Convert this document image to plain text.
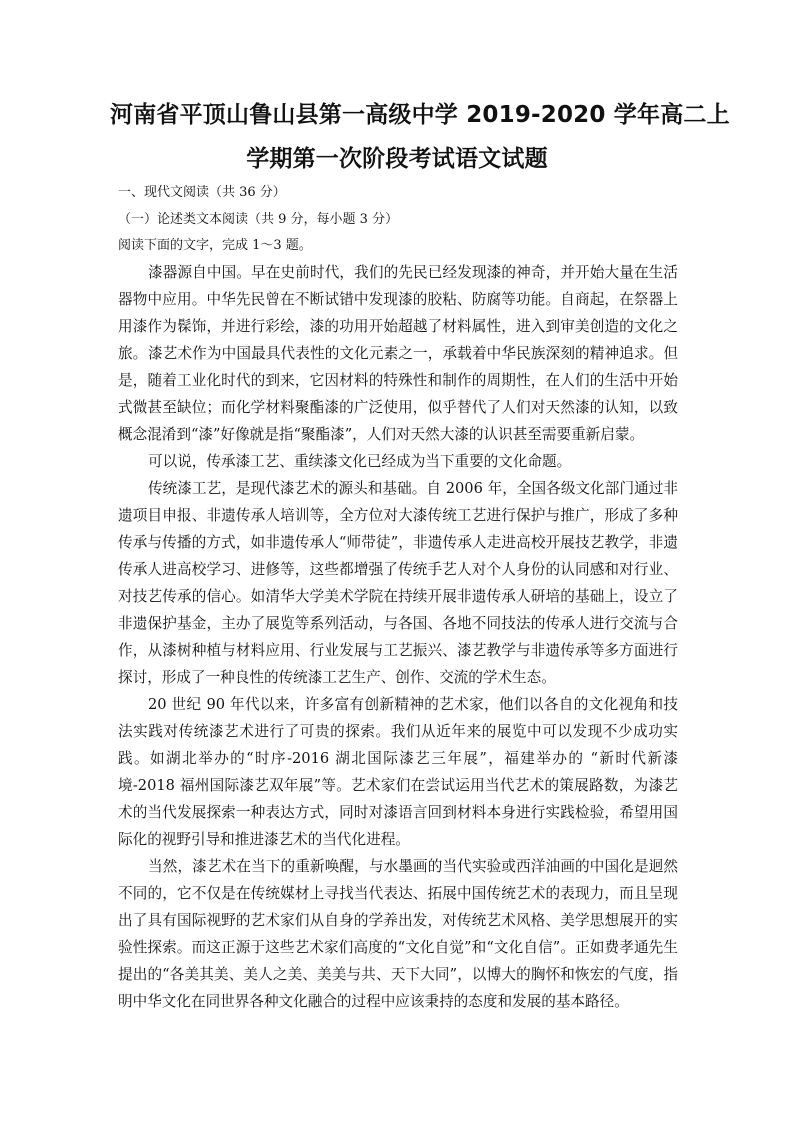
河南省平顶山鲁山县第一高级中学 2019-2020 学年高二上
学期第一次阶段考试语文试题
一、现代文阅读（共 36 分）
（一）论述类文本阅读（共 9 分，每小题 3 分）
阅读下面的文字，完成 1～3 题。

漆器源自中国。早在史前时代，我们的先民已经发现漆的神奇，并开始大量在生活器物中应用。中华先民曾在不断试错中发现漆的胶粘、防腐等功能。自商起，在祭器上用漆作为髹饰，并进行彩绘，漆的功用开始超越了材料属性，进入到审美创造的文化之旅。 漆艺术作为中国最具代表性的文化元素之一，承载着中华民族深刻的精神追求。但是，随着工业化时代的到来，它因材料的特殊性和制作的周期性，在人们的生活中开始式微甚至缺位；而化学材料聚酯漆的广泛使用，似乎替代了人们对天然漆的认知，以致概念混淆到“漆”好像就是指“聚酯漆”，人们对天然大漆的认识甚至需要重新启蒙。

可以说，传承漆工艺、重续漆文化已经成为当下重要的文化命题。

传统漆工艺，是现代漆艺术的源头和基础。自 2006 年，全国各级文化部门通过非遗项目申报、非遗传承人培训等，全方位对大漆传统工艺进行保护与推广，形成了多种传承与传播的方式，如非遗传承人“师带徒”，非遗传承人走进高校开展技艺教学，非遗传承人进高校学习、进修等，这些都增强了传统手艺人对个人身份的认同感和对行业、对技艺传承的信心。如清华大学美术学院在持续开展非遗传承人研培的基础上，设立了非遗保护基金，主办了展览等系列活动，与各国、各地不同技法的传承人进行交流与合作，从漆树种植与材料应用、行业发展与工艺振兴、漆艺教学与非遗传承等多方面进行探讨，形成了一种良性的传统漆工艺生产、创作、交流的学术生态。

20 世纪 90 年代以来，许多富有创新精神的艺术家，他们以各自的文化视角和技法实践对传统漆艺术进行了可贵的探索。我们从近年来的展览中可以发现不少成功实践。如湖北举办的“时序-2016 湖北国际漆艺三年展”，福建举办的 “新时代新漆境-2018 福州国际漆艺双年展”等。艺术家们在尝试运用当代艺术的策展路数，为漆艺术的当代发展探索一种表达方式，同时对漆语言回到材料本身进行实践检验，希望用国际化的视野引导和推进漆艺术的当代化进程。

当然，漆艺术在当下的重新唤醒，与水墨画的当代实验或西洋油画的中国化是迥然不同的，它不仅是在传统媒材上寻找当代表达、拓展中国传统艺术的表现力，而且呈现出了具有国际视野的艺术家们从自身的学养出发，对传统艺术风格、美学思想展开的实验性探索。而这正源于这些艺术家们高度的“文化自觉”和“文化自信”。正如费孝通先生提出的“各美其美、美人之美、美美与共、天下大同”，以博大的胸怀和恢宏的气度，指明中华文化在同世界各种文化融合的过程中应该秉持的态度和发展的基本路径。
